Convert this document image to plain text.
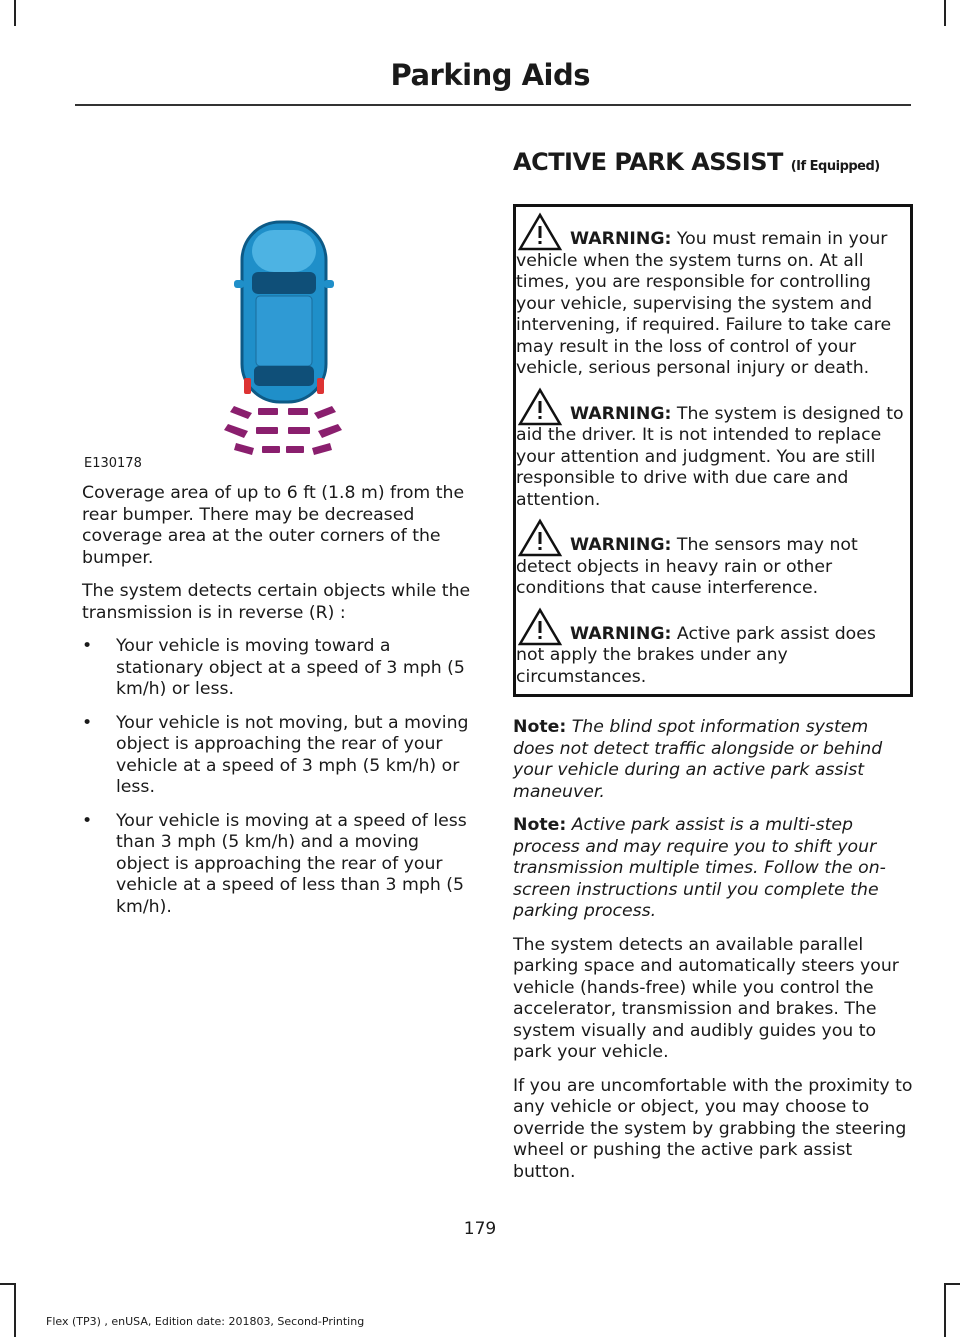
Parking Aids
E130178

Coverage area of up to 6 ft (1.8 m) from the rear bumper. There may be decreased coverage area at the outer corners of the bumper.

The system detects certain objects while the transmission is in reverse (R) :

• Your vehicle is moving toward a stationary object at a speed of 3 mph (5 km/h) or less.
• Your vehicle is not moving, but a moving object is approaching the rear of your vehicle at a speed of 3 mph (5 km/h) or less.
• Your vehicle is moving at a speed of less than 3 mph (5 km/h) and a moving object is approaching the rear of your vehicle at a speed of less than 3 mph (5 km/h).
ACTIVE PARK ASSIST (If Equipped)
WARNING: You must remain in your vehicle when the system turns on. At all times, you are responsible for controlling your vehicle, supervising the system and intervening, if required. Failure to take care may result in the loss of control of your vehicle, serious personal injury or death.
WARNING: The system is designed to aid the driver. It is not intended to replace your attention and judgment. You are still responsible to drive with due care and attention.
WARNING: The sensors may not detect objects in heavy rain or other conditions that cause interference.
WARNING: Active park assist does not apply the brakes under any circumstances.

Note: The blind spot information system does not detect traffic alongside or behind your vehicle during an active park assist maneuver.

Note: Active park assist is a multi-step process and may require you to shift your transmission multiple times. Follow the on-screen instructions until you complete the parking process.

The system detects an available parallel parking space and automatically steers your vehicle (hands-free) while you control the accelerator, transmission and brakes. The system visually and audibly guides you to park your vehicle.

If you are uncomfortable with the proximity to any vehicle or object, you may choose to override the system by grabbing the steering wheel or pushing the active park assist button.

179
Flex (TP3) , enUSA, Edition date: 201803, Second-Printing
